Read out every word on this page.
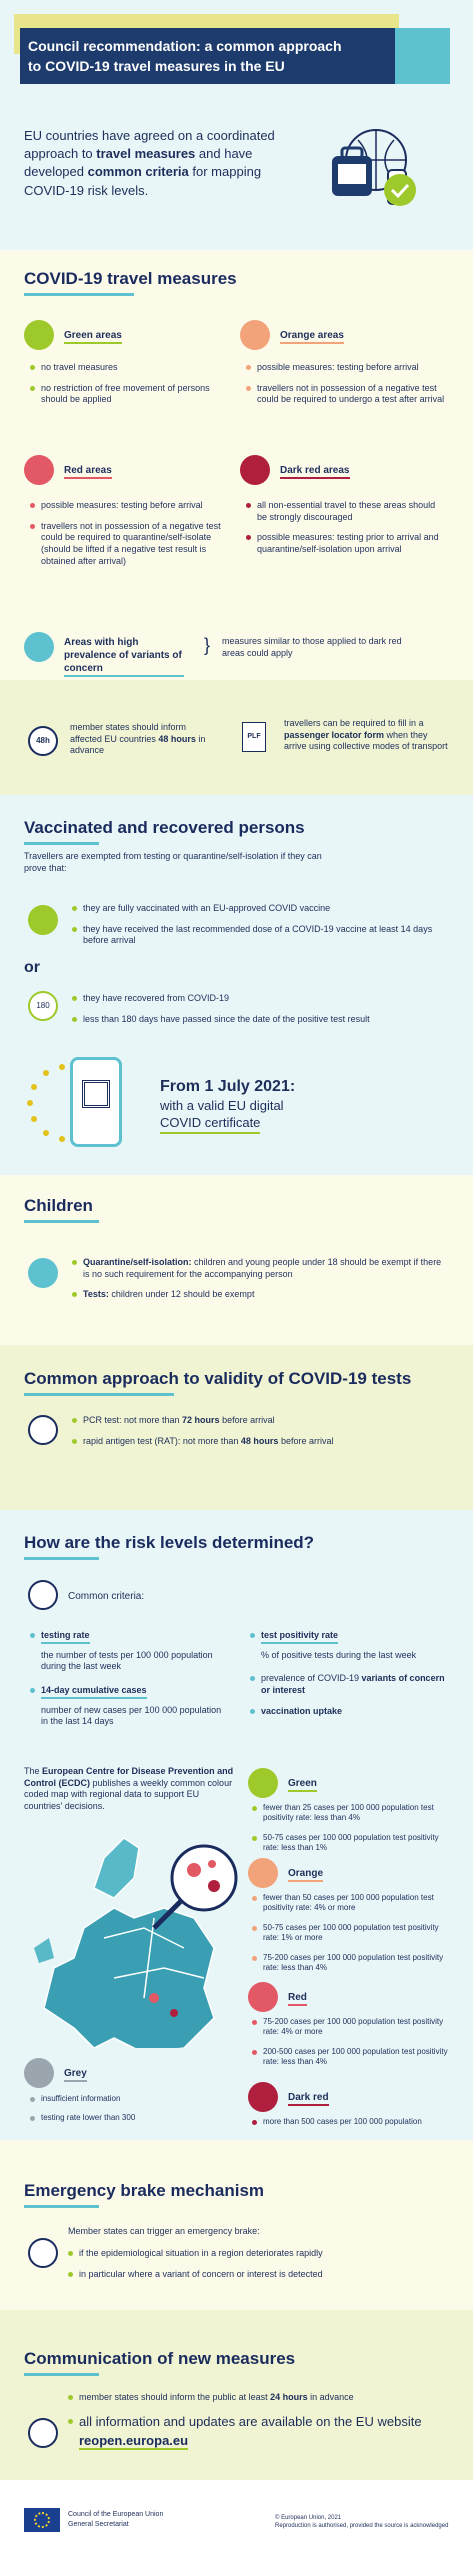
Council recommendation: a common approach
to COVID-19 travel measures in the EU
EU countries have agreed on a coordinated approach to travel measures and have developed common criteria for mapping COVID-19 risk levels.
COVID-19 travel measures
Green areas
no travel measures
no restriction of free movement of persons should be applied
Orange areas
possible measures: testing before arrival
travellers not in possession of a negative test could be required to undergo a test after arrival
Red areas
possible measures: testing before arrival
travellers not in possession of a negative test could be required to quarantine/self-isolate (should be lifted if a negative test result is obtained after arrival)
Dark red areas
all non-essential travel to these areas should be strongly discouraged
possible measures: testing prior to arrival and quarantine/self-isolation upon arrival
Areas with high prevalence of variants of concern
} measures similar to those applied to dark red areas could apply
48h
member states should inform affected EU countries 48 hours in advance
PLF
travellers can be required to fill in a passenger locator form when they arrive using collective modes of transport
Vaccinated and recovered persons
Travellers are exempted from testing or quarantine/self-isolation if they can prove that:
they are fully vaccinated with an EU-approved COVID vaccine
they have received the last recommended dose of a COVID-19 vaccine at least 14 days before arrival
or
180
they have recovered from COVID-19
less than 180 days have passed since the date of the positive test result
From 1 July 2021:
with a valid EU digital
COVID certificate
Children
Quarantine/self-isolation: children and young people under 18 should be exempt if there is no such requirement for the accompanying person
Tests: children under 12 should be exempt
Common approach to validity of COVID-19 tests
PCR test: not more than 72 hours before arrival
rapid antigen test (RAT): not more than 48 hours before arrival
How are the risk levels determined?
Common criteria:
testing rate
the number of tests per 100 000 population during the last week
14-day cumulative cases
number of new cases per 100 000 population in the last 14 days
test positivity rate
% of positive tests during the last week
prevalence of COVID-19 variants of concern or interest
vaccination uptake
The European Centre for Disease Prevention and Control (ECDC) publishes a weekly common colour coded map with regional data to support EU countries' decisions.
Green
fewer than 25 cases per 100 000 population test positivity rate: less than 4%
50-75 cases per 100 000 population test positivity rate: less than 1%
Orange
fewer than 50 cases per 100 000 population test positivity rate: 4% or more
50-75 cases per 100 000 population test positivity rate: 1% or more
75-200 cases per 100 000 population test positivity rate: less than 4%
Red
75-200 cases per 100 000 population test positivity rate: 4% or more
200-500 cases per 100 000 population test positivity rate: less than 4%
Dark red
more than 500 cases per 100 000 population
Grey
insufficient information
testing rate lower than 300
Emergency brake mechanism
Member states can trigger an emergency brake:
if the epidemiological situation in a region deteriorates rapidly
in particular where a variant of concern or interest is detected
Communication of new measures
member states should inform the public at least 24 hours in advance
all information and updates are available on the EU website reopen.europa.eu
Council of the European Union
General Secretariat
© European Union, 2021
Reproduction is authorised, provided the source is acknowledged
